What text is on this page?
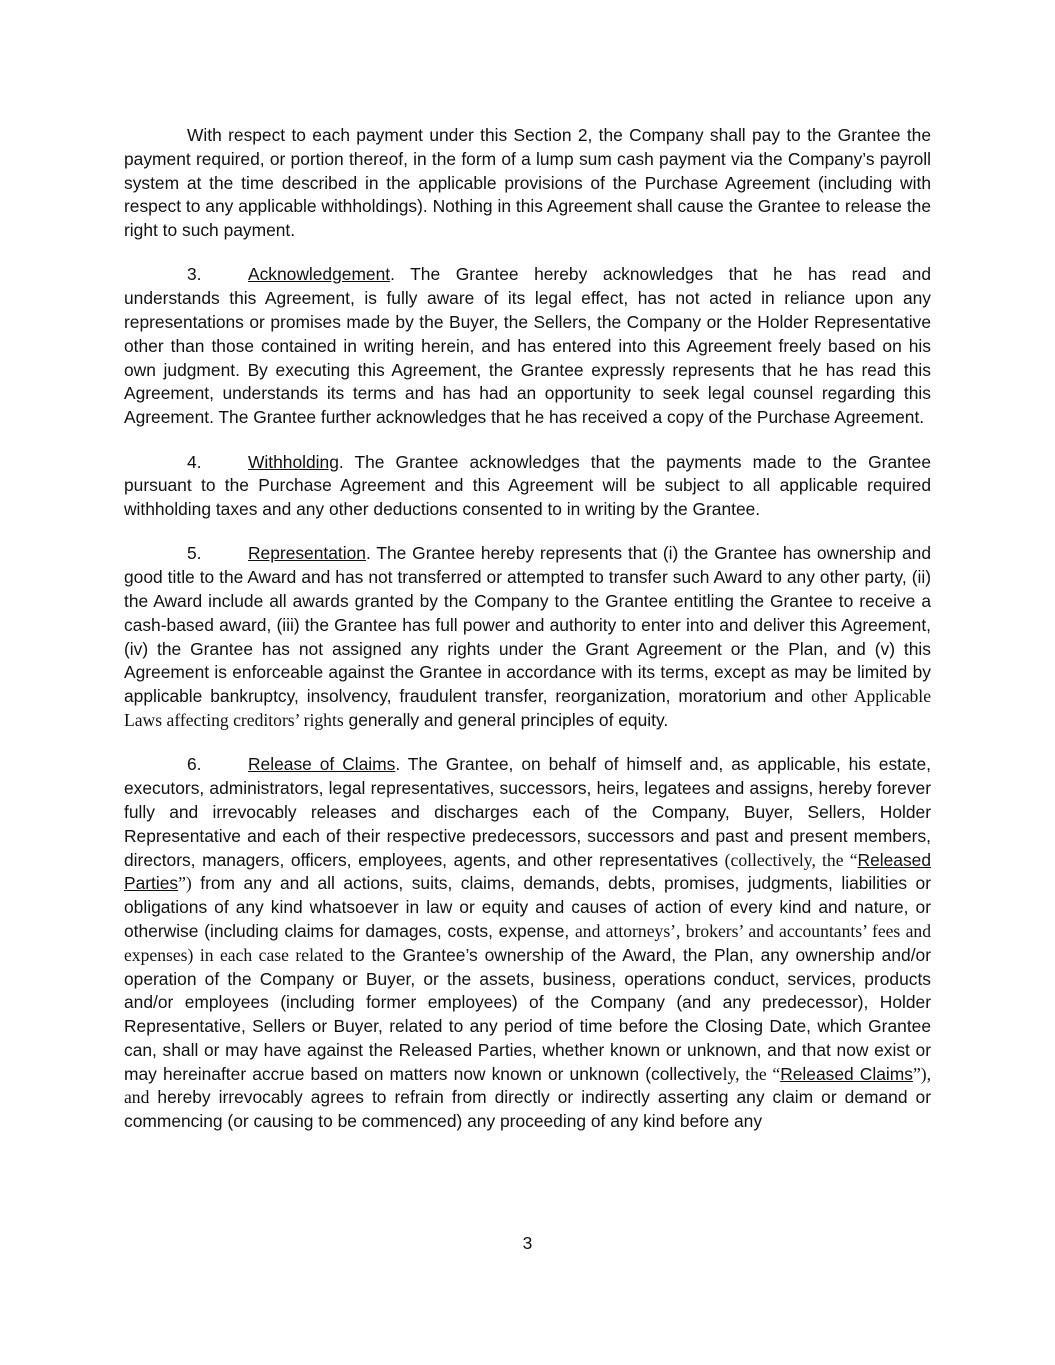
With respect to each payment under this Section 2, the Company shall pay to the Grantee the payment required, or portion thereof, in the form of a lump sum cash payment via the Company’s payroll system at the time described in the applicable provisions of the Purchase Agreement (including with respect to any applicable withholdings). Nothing in this Agreement shall cause the Grantee to release the right to such payment.

3.	Acknowledgement. The Grantee hereby acknowledges that he has read and understands this Agreement, is fully aware of its legal effect, has not acted in reliance upon any representations or promises made by the Buyer, the Sellers, the Company or the Holder Representative other than those contained in writing herein, and has entered into this Agreement freely based on his own judgment. By executing this Agreement, the Grantee expressly represents that he has read this Agreement, understands its terms and has had an opportunity to seek legal counsel regarding this Agreement. The Grantee further acknowledges that he has received a copy of the Purchase Agreement.

4.	Withholding. The Grantee acknowledges that the payments made to the Grantee pursuant to the Purchase Agreement and this Agreement will be subject to all applicable required withholding taxes and any other deductions consented to in writing by the Grantee.

5.	Representation. The Grantee hereby represents that (i) the Grantee has ownership and good title to the Award and has not transferred or attempted to transfer such Award to any other party, (ii) the Award include all awards granted by the Company to the Grantee entitling the Grantee to receive a cash-based award, (iii) the Grantee has full power and authority to enter into and deliver this Agreement, (iv) the Grantee has not assigned any rights under the Grant Agreement or the Plan, and (v) this Agreement is enforceable against the Grantee in accordance with its terms, except as may be limited by applicable bankruptcy, insolvency, fraudulent transfer, reorganization, moratorium and other Applicable Laws affecting creditors’ rights generally and general principles of equity.

6.	Release of Claims. The Grantee, on behalf of himself and, as applicable, his estate, executors, administrators, legal representatives, successors, heirs, legatees and assigns, hereby forever fully and irrevocably releases and discharges each of the Company, Buyer, Sellers, Holder Representative and each of their respective predecessors, successors and past and present members, directors, managers, officers, employees, agents, and other representatives (collectively, the “Released Parties”) from any and all actions, suits, claims, demands, debts, promises, judgments, liabilities or obligations of any kind whatsoever in law or equity and causes of action of every kind and nature, or otherwise (including claims for damages, costs, expense, and attorneys’, brokers’ and accountants’ fees and expenses) in each case related to the Grantee’s ownership of the Award, the Plan, any ownership and/or operation of the Company or Buyer, or the assets, business, operations conduct, services, products and/or employees (including former employees) of the Company (and any predecessor), Holder Representative, Sellers or Buyer, related to any period of time before the Closing Date, which Grantee can, shall or may have against the Released Parties, whether known or unknown, and that now exist or may hereinafter accrue based on matters now known or unknown (collectively, the “Released Claims”), and hereby irrevocably agrees to refrain from directly or indirectly asserting any claim or demand or commencing (or causing to be commenced) any proceeding of any kind before any

3
